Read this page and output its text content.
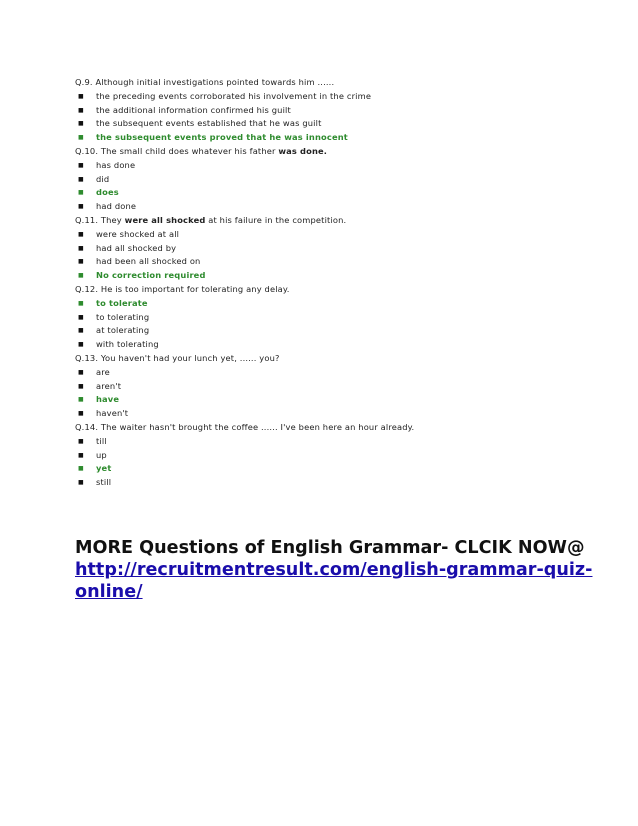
Q.9. Although initial investigations pointed towards him ......
■ the preceding events corroborated his involvement in the crime
■ the additional information confirmed his guilt
■ the subsequent events established that he was guilt
■ the subsequent events proved that he was innocent
Q.10. The small child does whatever his father was done.
■ has done
■ did
■ does
■ had done
Q.11. They were all shocked at his failure in the competition.
■ were shocked at all
■ had all shocked by
■ had been all shocked on
■ No correction required
Q.12. He is too important for tolerating any delay.
■ to tolerate
■ to tolerating
■ at tolerating
■ with tolerating
Q.13. You haven't had your lunch yet, ...... you?
■ are
■ aren't
■ have
■ haven't
Q.14. The waiter hasn't brought the coffee ...... I've been here an hour already.
■ till
■ up
■ yet
■ still
MORE Questions of English Grammar- CLCIK NOW@
http://recruitmentresult.com/english-grammar-quiz-online/
